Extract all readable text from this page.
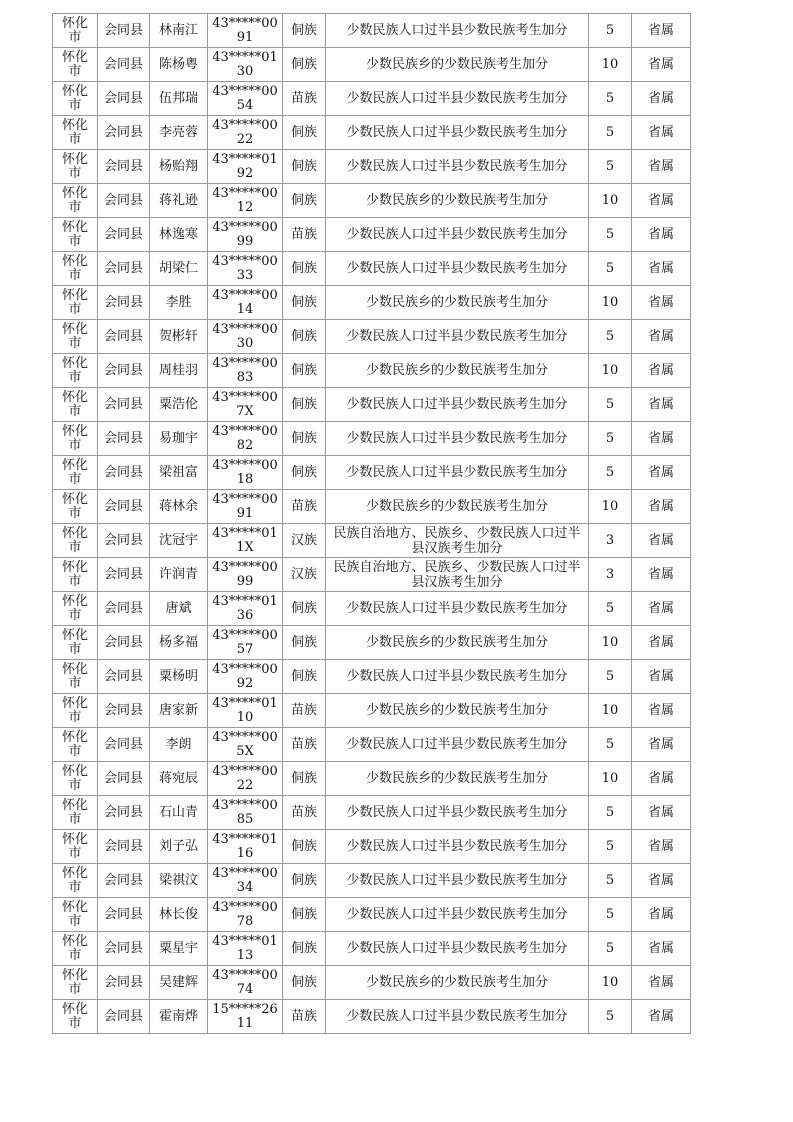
怀化市	会同县	林南江	43*****0091	侗族	少数民族人口过半县少数民族考生加分	5	省属
怀化市	会同县	陈杨粤	43*****0130	侗族	少数民族乡的少数民族考生加分	10	省属
怀化市	会同县	伍邦瑞	43*****0054	苗族	少数民族人口过半县少数民族考生加分	5	省属
怀化市	会同县	李亮蓉	43*****0022	侗族	少数民族人口过半县少数民族考生加分	5	省属
怀化市	会同县	杨贻翔	43*****0192	侗族	少数民族人口过半县少数民族考生加分	5	省属
怀化市	会同县	蒋礼逊	43*****0012	侗族	少数民族乡的少数民族考生加分	10	省属
怀化市	会同县	林逸寒	43*****0099	苗族	少数民族人口过半县少数民族考生加分	5	省属
怀化市	会同县	胡梁仁	43*****0033	侗族	少数民族人口过半县少数民族考生加分	5	省属
怀化市	会同县	李胜	43*****0014	侗族	少数民族乡的少数民族考生加分	10	省属
怀化市	会同县	贺彬轩	43*****0030	侗族	少数民族人口过半县少数民族考生加分	5	省属
怀化市	会同县	周桂羽	43*****0083	侗族	少数民族乡的少数民族考生加分	10	省属
怀化市	会同县	粟浩伦	43*****007X	侗族	少数民族人口过半县少数民族考生加分	5	省属
怀化市	会同县	易珈宇	43*****0082	侗族	少数民族人口过半县少数民族考生加分	5	省属
怀化市	会同县	梁祖富	43*****0018	侗族	少数民族人口过半县少数民族考生加分	5	省属
怀化市	会同县	蒋林余	43*****0091	苗族	少数民族乡的少数民族考生加分	10	省属
怀化市	会同县	沈冠宇	43*****011X	汉族	民族自治地方、民族乡、少数民族人口过半县汉族考生加分	3	省属
怀化市	会同县	许润青	43*****0099	汉族	民族自治地方、民族乡、少数民族人口过半县汉族考生加分	3	省属
怀化市	会同县	唐斌	43*****0136	侗族	少数民族人口过半县少数民族考生加分	5	省属
怀化市	会同县	杨多福	43*****0057	侗族	少数民族乡的少数民族考生加分	10	省属
怀化市	会同县	粟杨明	43*****0092	侗族	少数民族人口过半县少数民族考生加分	5	省属
怀化市	会同县	唐家新	43*****0110	苗族	少数民族乡的少数民族考生加分	10	省属
怀化市	会同县	李朗	43*****005X	苗族	少数民族人口过半县少数民族考生加分	5	省属
怀化市	会同县	蒋宛辰	43*****0022	侗族	少数民族乡的少数民族考生加分	10	省属
怀化市	会同县	石山青	43*****0085	苗族	少数民族人口过半县少数民族考生加分	5	省属
怀化市	会同县	刘子弘	43*****0116	侗族	少数民族人口过半县少数民族考生加分	5	省属
怀化市	会同县	梁祺汶	43*****0034	侗族	少数民族人口过半县少数民族考生加分	5	省属
怀化市	会同县	林长俊	43*****0078	侗族	少数民族人口过半县少数民族考生加分	5	省属
怀化市	会同县	粟星宇	43*****0113	侗族	少数民族人口过半县少数民族考生加分	5	省属
怀化市	会同县	吴建辉	43*****0074	侗族	少数民族乡的少数民族考生加分	10	省属
怀化市	会同县	霍南烨	15*****2611	苗族	少数民族人口过半县少数民族考生加分	5	省属
